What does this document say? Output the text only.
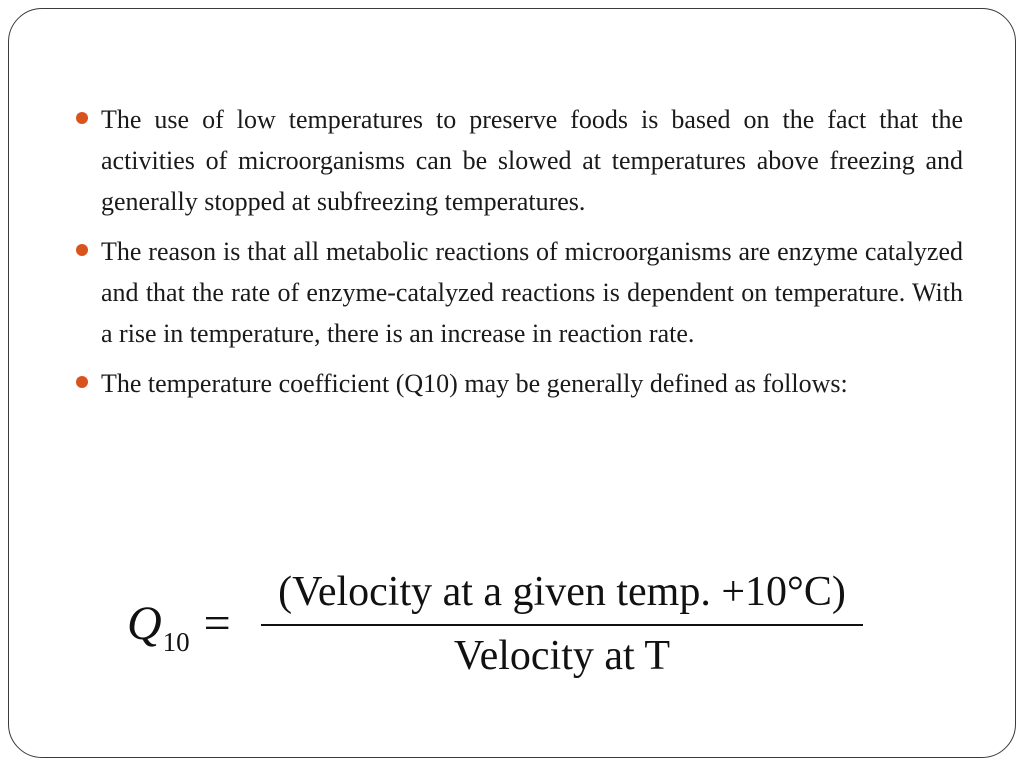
The use of low temperatures to preserve foods is based on the fact that the activities of microorganisms can be slowed at temperatures above freezing and generally stopped at subfreezing temperatures.
The reason is that all metabolic reactions of microorganisms are enzyme catalyzed and that the rate of enzyme-catalyzed reactions is dependent on temperature. With a rise in temperature, there is an increase in reaction rate.
The temperature coefficient (Q10) may be generally defined as follows:
$Q_{10}$ =
(Velocity at a given temp. +10°C)
Velocity at T
